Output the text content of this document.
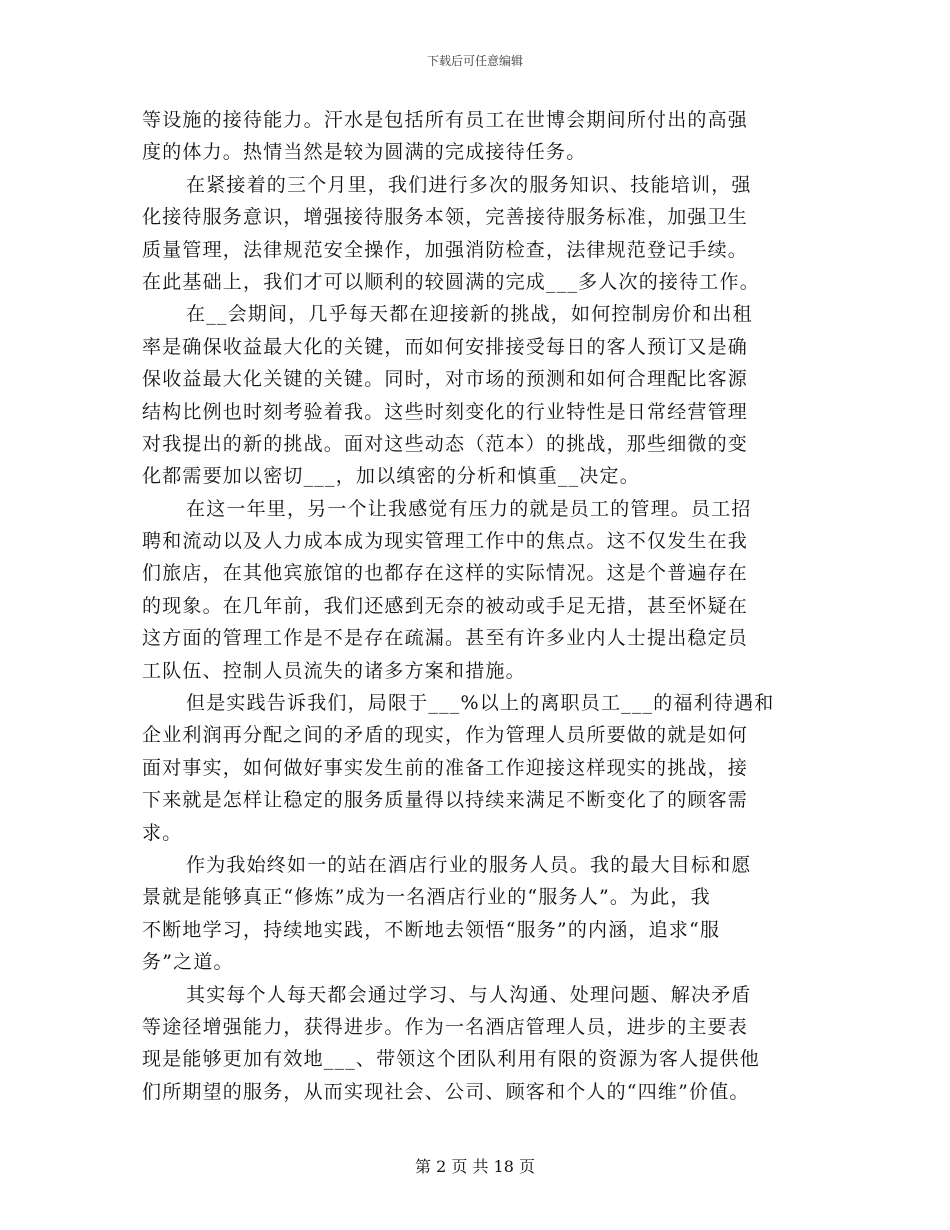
下载后可任意编辑
等设施的接待能力。汗水是包括所有员工在世博会期间所付出的高强
度的体力。热情当然是较为圆满的完成接待任务。
在紧接着的三个月里，我们进行多次的服务知识、技能培训，强
化接待服务意识，增强接待服务本领，完善接待服务标准，加强卫生
质量管理，法律规范安全操作，加强消防检查，法律规范登记手续。
在此基础上，我们才可以顺利的较圆满的完成___多人次的接待工作。
在__会期间，几乎每天都在迎接新的挑战，如何控制房价和出租
率是确保收益最大化的关键，而如何安排接受每日的客人预订又是确
保收益最大化关键的关键。同时，对市场的预测和如何合理配比客源
结构比例也时刻考验着我。这些时刻变化的行业特性是日常经营管理
对我提出的新的挑战。面对这些动态（范本）的挑战，那些细微的变
化都需要加以密切___，加以缜密的分析和慎重__决定。
在这一年里，另一个让我感觉有压力的就是员工的管理。员工招
聘和流动以及人力成本成为现实管理工作中的焦点。这不仅发生在我
们旅店，在其他宾旅馆的也都存在这样的实际情况。这是个普遍存在
的现象。在几年前，我们还感到无奈的被动或手足无措，甚至怀疑在
这方面的管理工作是不是存在疏漏。甚至有许多业内人士提出稳定员
工队伍、控制人员流失的诸多方案和措施。
但是实践告诉我们，局限于___%以上的离职员工___的福利待遇和
企业利润再分配之间的矛盾的现实，作为管理人员所要做的就是如何
面对事实，如何做好事实发生前的准备工作迎接这样现实的挑战，接
下来就是怎样让稳定的服务质量得以持续来满足不断变化了的顾客需
求。
作为我始终如一的站在酒店行业的服务人员。我的最大目标和愿
景就是能够真正“修炼”成为一名酒店行业的“服务人”。为此，我
不断地学习，持续地实践，不断地去领悟“服务”的内涵，追求“服
务”之道。
其实每个人每天都会通过学习、与人沟通、处理问题、解决矛盾
等途径增强能力，获得进步。作为一名酒店管理人员，进步的主要表
现是能够更加有效地___、带领这个团队利用有限的资源为客人提供他
们所期望的服务，从而实现社会、公司、顾客和个人的“四维”价值。
第 2 页 共 18 页
